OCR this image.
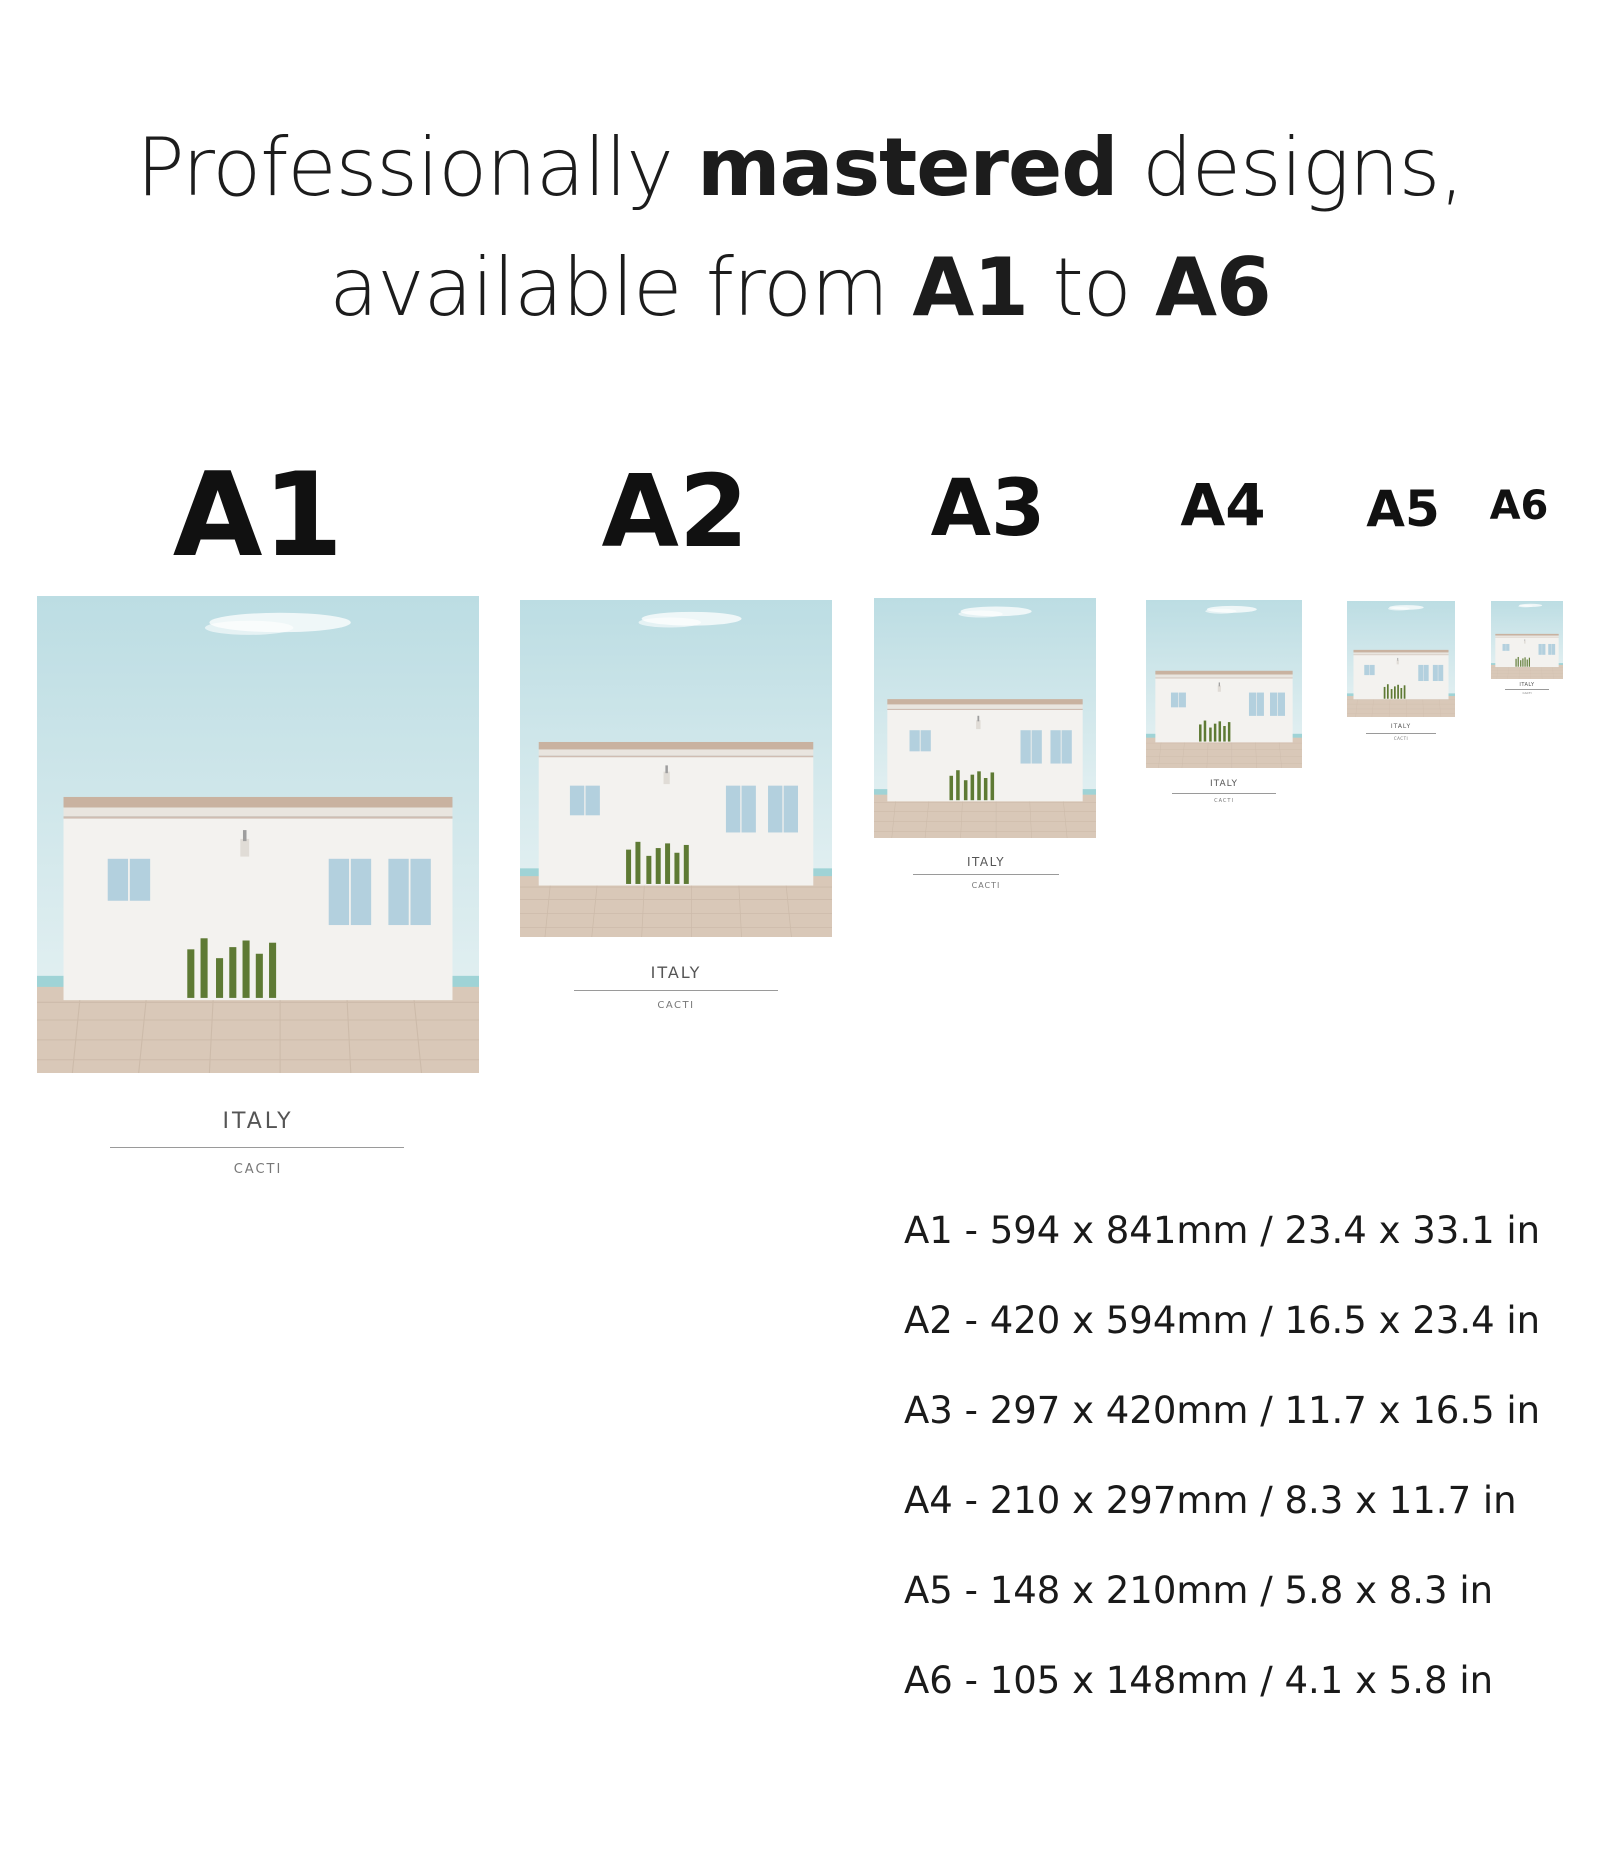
Professionally mastered designs,
available from A1 to A6
A1	A2 A3 A4 A5 A6
ITALY
CACTI
ITALY
CACTI
ITALY
CACTI
ITALY
CACTI
ITALY
CACTI
ITALY
CACTI
A1 - 594 x 841mm / 23.4 x 33.1 in
A2 - 420 x 594mm / 16.5 x 23.4 in
A3 - 297 x 420mm / 11.7 x 16.5 in
A4 - 210 x 297mm / 8.3 x 11.7 in
A5 - 148 x 210mm / 5.8 x 8.3 in
A6 - 105 x 148mm / 4.1 x 5.8 in
